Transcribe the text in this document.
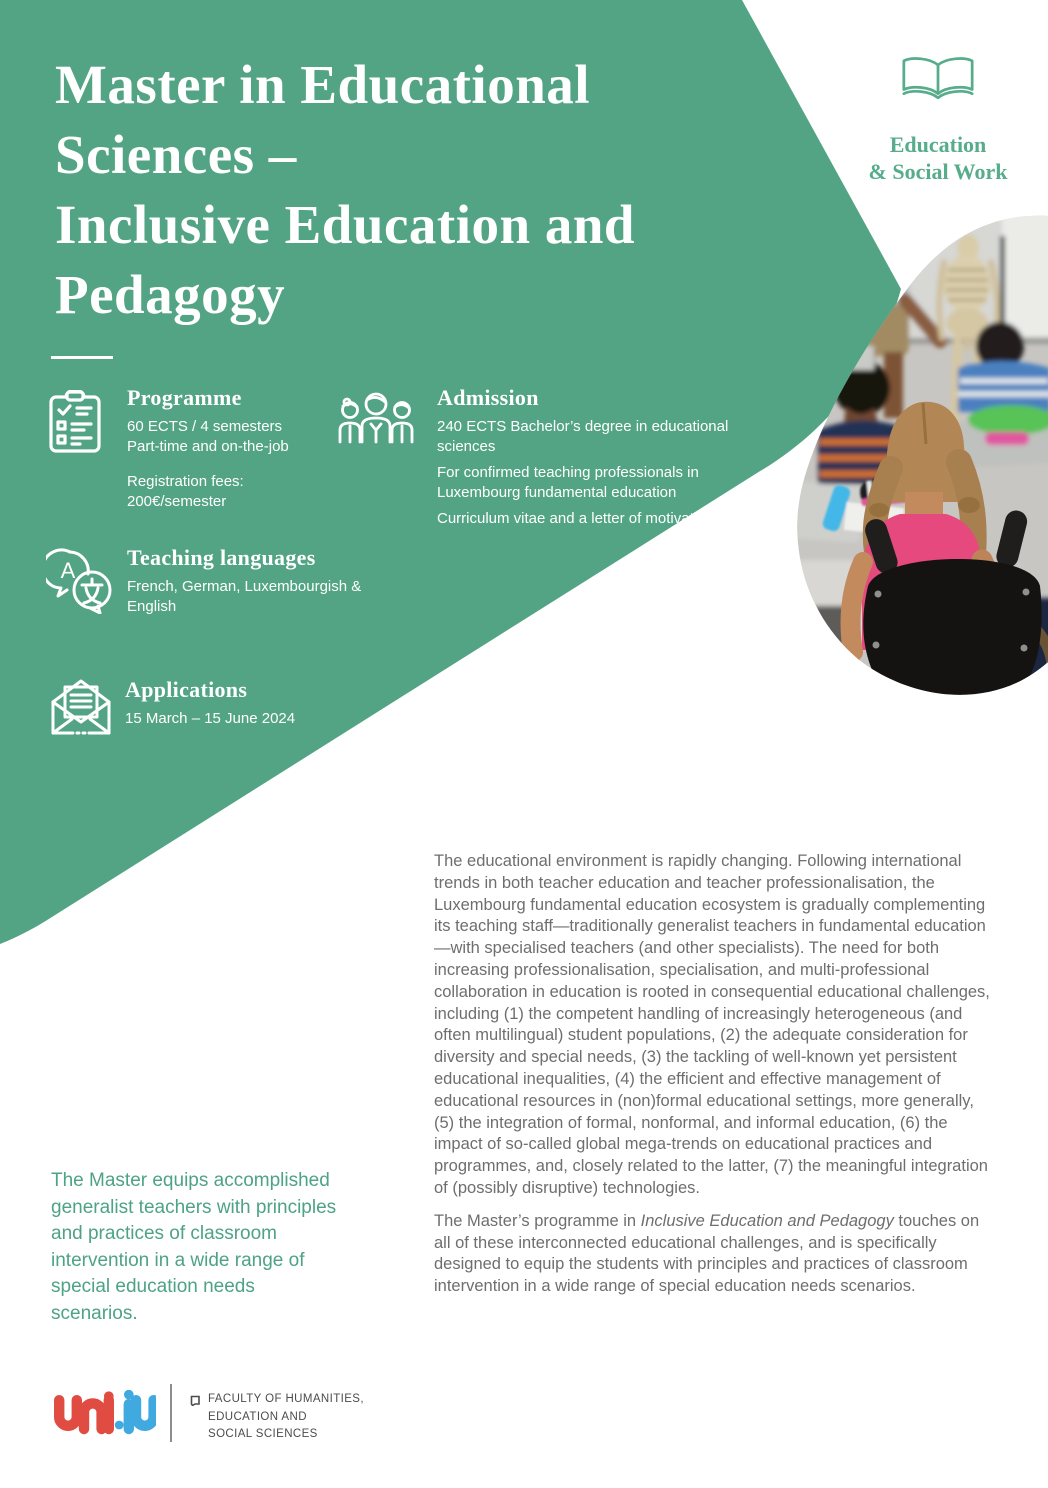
Master in Educational
Sciences –
Inclusive Education and
Pedagogy
Education
& Social Work
Programme

60 ECTS / 4 semesters

Part-time and on-the-job

Registration fees:

200€/semester

Admission

240 ECTS Bachelor’s degree in educational sciences

For confirmed teaching professionals in Luxembourg fundamental education

Curriculum vitae and a letter of motivation

A
Teaching languages

French, German, Luxembourgish & English

Applications

15 March – 15 June 2024

The Master equips accomplished generalist teachers with principles and practices of classroom intervention in a wide range of special education needs scenarios.

The educational environment is rapidly changing. Following international trends in both teacher education and teacher professionalisation, the Luxembourg fundamental education ecosystem is gradually complementing its teaching staff—traditionally generalist teachers in fundamental education—with specialised teachers (and other specialists). The need for both increasing professionalisation, specialisation, and multi-professional collaboration in education is rooted in consequential educational challenges, including (1) the competent handling of increasingly heterogeneous (and often multilingual) student populations, (2) the adequate consideration for diversity and special needs, (3) the tackling of well-known yet persistent educational inequalities, (4) the efficient and effective management of educational resources in (non)formal educational settings, more generally, (5) the integration of formal, nonformal, and informal education, (6) the impact of so-called global mega-trends on educational practices and programmes, and, closely related to the latter, (7) the meaningful integration of (possibly disruptive) technologies.

The Master’s programme in Inclusive Education and Pedagogy touches on all of these interconnected educational challenges, and is specifically designed to equip the students with principles and practices of classroom intervention in a wide range of special education needs scenarios.

FACULTY OF HUMANITIES,
EDUCATION AND
SOCIAL SCIENCES
